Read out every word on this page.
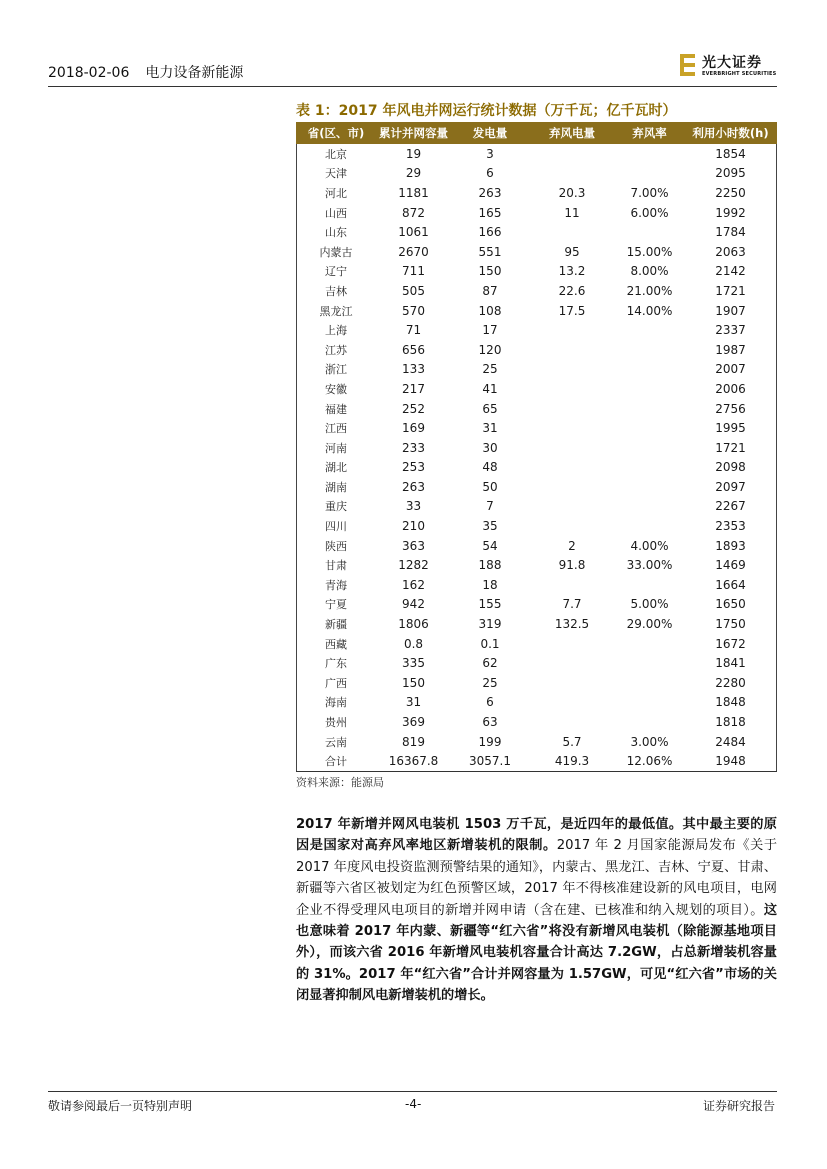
2018-02-06 电力设备新能源
光大证券
EVERBRIGHT SECURITIES
表 1：2017 年风电并网运行统计数据（万千瓦；亿千瓦时）
省(区、市)	累计并网容量	发电量	弃风电量	弃风率	利用小时数(h)
北京	19	3			1854
天津	29	6			2095
河北	1181	263	20.3	7.00%	2250
山西	872	165	11	6.00%	1992
山东	1061	166			1784
内蒙古	2670	551	95	15.00%	2063
辽宁	711	150	13.2	8.00%	2142
吉林	505	87	22.6	21.00%	1721
黑龙江	570	108	17.5	14.00%	1907
上海	71	17			2337
江苏	656	120			1987
浙江	133	25			2007
安徽	217	41			2006
福建	252	65			2756
江西	169	31			1995
河南	233	30			1721
湖北	253	48			2098
湖南	263	50			2097
重庆	33	7			2267
四川	210	35			2353
陕西	363	54	2	4.00%	1893
甘肃	1282	188	91.8	33.00%	1469
青海	162	18			1664
宁夏	942	155	7.7	5.00%	1650
新疆	1806	319	132.5	29.00%	1750
西藏	0.8	0.1			1672
广东	335	62			1841
广西	150	25			2280
海南	31	6			1848
贵州	369	63			1818
云南	819	199	5.7	3.00%	2484
合计	16367.8	3057.1	419.3	12.06%	1948
资料来源：能源局
2017 年新增并网风电装机 1503 万千瓦，是近四年的最低值。其中最主要的原因是国家对高弃风率地区新增装机的限制。2017 年 2 月国家能源局发布《关于 2017 年度风电投资监测预警结果的通知》，内蒙古、黑龙江、吉林、宁夏、甘肃、新疆等六省区被划定为红色预警区域，2017 年不得核准建设新的风电项目，电网企业不得受理风电项目的新增并网申请（含在建、已核准和纳入规划的项目）。这也意味着 2017 年内蒙、新疆等“红六省”将没有新增风电装机（除能源基地项目外），而该六省 2016 年新增风电装机容量合计高达 7.2GW，占总新增装机容量的 31%。2017 年“红六省”合计并网容量为 1.57GW，可见“红六省”市场的关闭显著抑制风电新增装机的增长。
敬请参阅最后一页特别声明	-4-	证券研究报告
